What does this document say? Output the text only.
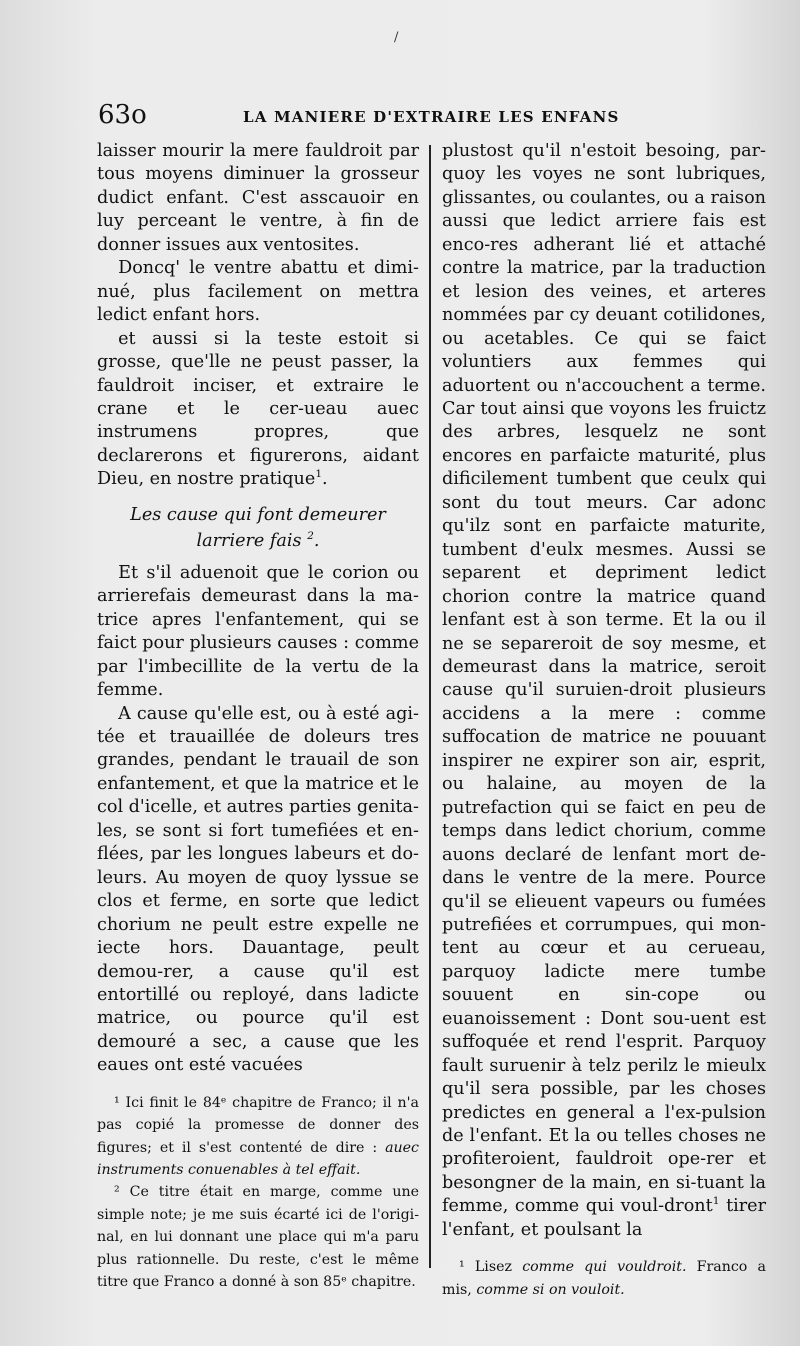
/
63o	LA MANIERE D'EXTRAIRE LES ENFANS

laisser mourir la mere fauldroit par tous moyens diminuer la grosseur dudict enfant. C'est asscauoir en luy perceant le ventre, à fin de donner issues aux ventosites.

Doncq' le ventre abattu et dimi-nué, plus facilement on mettra ledict enfant hors.

et aussi si la teste estoit si grosse, que'lle ne peust passer, la fauldroit inciser, et extraire le crane et le cer-ueau auec instrumens propres, que declarerons et figurerons, aidant Dieu, en nostre pratique$^1$.

Les cause qui font demeurer larriere fais $^2$.

Et s'il aduenoit que le corion ou arrierefais demeurast dans la ma-trice apres l'enfantement, qui se faict pour plusieurs causes : comme par l'imbecillite de la vertu de la femme.

A cause qu'elle est, ou à esté agi-tée et trauaillée de doleurs tres grandes, pendant le trauail de son enfantement, et que la matrice et le col d'icelle, et autres parties genita-les, se sont si fort tumefiées et en-flées, par les longues labeurs et do-leurs. Au moyen de quoy lyssue se clos et ferme, en sorte que ledict chorium ne peult estre expelle ne iecte hors. Dauantage, peult demou-rer, a cause qu'il est entortillé ou reployé, dans ladicte matrice, ou pource qu'il est demouré a sec, a cause que les eaues ont esté vacuées

¹ Ici finit le 84ᵉ chapitre de Franco; il n'a pas copié la promesse de donner des figures; et il s'est contenté de dire : auec instruments conuenables à tel effait.

² Ce titre était en marge, comme une simple note; je me suis écarté ici de l'origi-nal, en lui donnant une place qui m'a paru plus rationnelle. Du reste, c'est le même titre que Franco a donné à son 85ᵉ chapitre.

plustost qu'il n'estoit besoing, par-quoy les voyes ne sont lubriques, glissantes, ou coulantes, ou a raison aussi que ledict arriere fais est enco-res adherant lié et attaché contre la matrice, par la traduction et lesion des veines, et arteres nommées par cy deuant cotilidones, ou acetables. Ce qui se faict voluntiers aux femmes qui aduortent ou n'accouchent a terme. Car tout ainsi que voyons les fruictz des arbres, lesquelz ne sont encores en parfaicte maturité, plus dificilement tumbent que ceulx qui sont du tout meurs. Car adonc qu'ilz sont en parfaicte maturite, tumbent d'eulx mesmes. Aussi se separent et depriment ledict chorion contre la matrice quand lenfant est à son terme. Et la ou il ne se separeroit de soy mesme, et demeurast dans la matrice, seroit cause qu'il suruien-droit plusieurs accidens a la mere : comme suffocation de matrice ne pouuant inspirer ne expirer son air, esprit, ou halaine, au moyen de la putrefaction qui se faict en peu de temps dans ledict chorium, comme auons declaré de lenfant mort de-dans le ventre de la mere. Pource qu'il se elieuent vapeurs ou fumées putrefiées et corrumpues, qui mon-tent au cœur et au cerueau, parquoy ladicte mere tumbe souuent en sin-cope ou euanoissement : Dont sou-uent est suffoquée et rend l'esprit. Parquoy fault suruenir à telz perilz le mieulx qu'il sera possible, par les choses predictes en general a l'ex-pulsion de l'enfant. Et la ou telles choses ne profiteroient, fauldroit ope-rer et besongner de la main, en si-tuant la femme, comme qui voul-dront$^1$ tirer l'enfant, et poulsant la

¹ Lisez comme qui vouldroit. Franco a mis, comme si on vouloit.
